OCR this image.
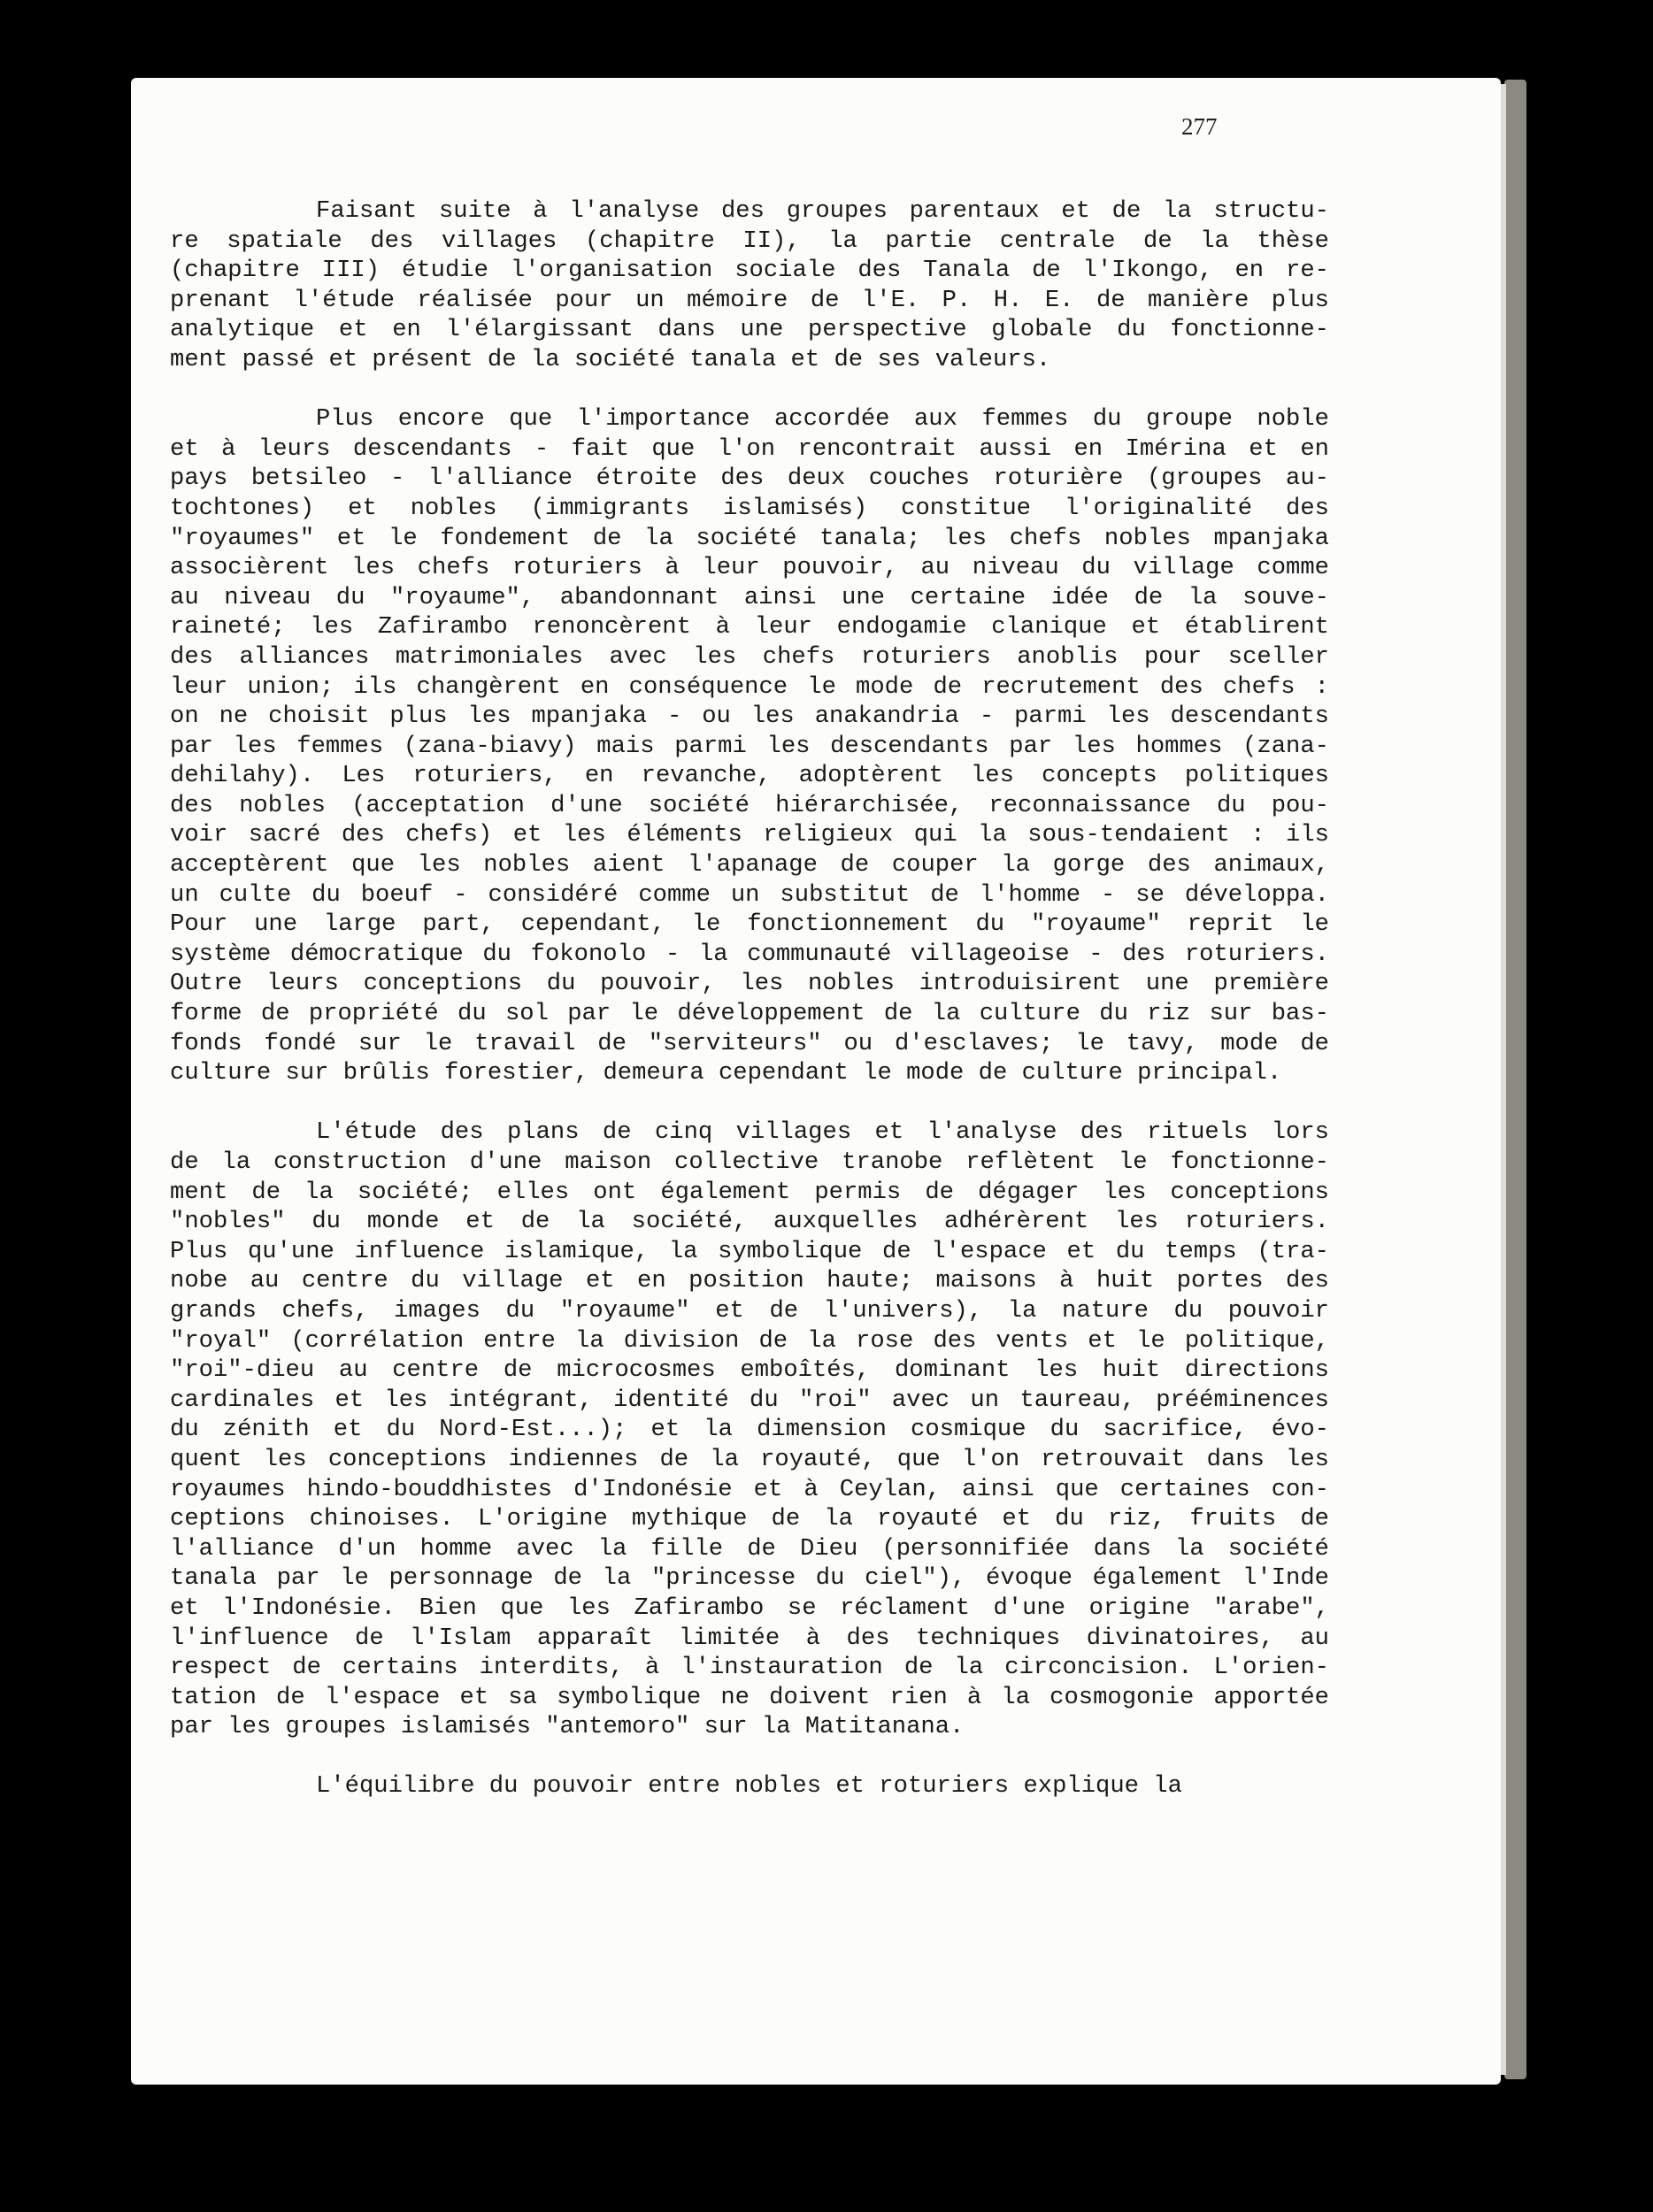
277
Faisant suite à l'analyse des groupes parentaux et de la structu-
re spatiale des villages (chapitre II), la partie centrale de la thèse
(chapitre III) étudie l'organisation sociale des Tanala de l'Ikongo, en re-
prenant l'étude réalisée pour un mémoire de l'E. P. H. E. de manière plus
analytique et en l'élargissant dans une perspective globale du fonctionne-
ment passé et présent de la société tanala et de ses valeurs.
Plus encore que l'importance accordée aux femmes du groupe noble
et à leurs descendants - fait que l'on rencontrait aussi en Imérina et en
pays betsileo - l'alliance étroite des deux couches roturière (groupes au-
tochtones) et nobles (immigrants islamisés) constitue l'originalité des
"royaumes" et le fondement de la société tanala; les chefs nobles mpanjaka
associèrent les chefs roturiers à leur pouvoir, au niveau du village comme
au niveau du "royaume", abandonnant ainsi une certaine idée de la souve-
raineté; les Zafirambo renoncèrent à leur endogamie clanique et établirent
des alliances matrimoniales avec les chefs roturiers anoblis pour sceller
leur union; ils changèrent en conséquence le mode de recrutement des chefs :
on ne choisit plus les mpanjaka - ou les anakandria - parmi les descendants
par les femmes (zana-biavy) mais parmi les descendants par les hommes (zana-
dehilahy). Les roturiers, en revanche, adoptèrent les concepts politiques
des nobles (acceptation d'une société hiérarchisée, reconnaissance du pou-
voir sacré des chefs) et les éléments religieux qui la sous-tendaient : ils
acceptèrent que les nobles aient l'apanage de couper la gorge des animaux,
un culte du boeuf - considéré comme un substitut de l'homme - se développa.
Pour une large part, cependant, le fonctionnement du "royaume" reprit le
système démocratique du fokonolo - la communauté villageoise - des roturiers.
Outre leurs conceptions du pouvoir, les nobles introduisirent une première
forme de propriété du sol par le développement de la culture du riz sur bas-
fonds fondé sur le travail de "serviteurs" ou d'esclaves; le tavy, mode de
culture sur brûlis forestier, demeura cependant le mode de culture principal.
L'étude des plans de cinq villages et l'analyse des rituels lors
de la construction d'une maison collective tranobe reflètent le fonctionne-
ment de la société; elles ont également permis de dégager les conceptions
"nobles" du monde et de la société, auxquelles adhérèrent les roturiers.
Plus qu'une influence islamique, la symbolique de l'espace et du temps (tra-
nobe au centre du village et en position haute; maisons à huit portes des
grands chefs, images du "royaume" et de l'univers), la nature du pouvoir
"royal" (corrélation entre la division de la rose des vents et le politique,
"roi"-dieu au centre de microcosmes emboîtés, dominant les huit directions
cardinales et les intégrant, identité du "roi" avec un taureau, prééminences
du zénith et du Nord-Est...); et la dimension cosmique du sacrifice, évo-
quent les conceptions indiennes de la royauté, que l'on retrouvait dans les
royaumes hindo-bouddhistes d'Indonésie et à Ceylan, ainsi que certaines con-
ceptions chinoises. L'origine mythique de la royauté et du riz, fruits de
l'alliance d'un homme avec la fille de Dieu (personnifiée dans la société
tanala par le personnage de la "princesse du ciel"), évoque également l'Inde
et l'Indonésie. Bien que les Zafirambo se réclament d'une origine "arabe",
l'influence de l'Islam apparaît limitée à des techniques divinatoires, au
respect de certains interdits, à l'instauration de la circoncision. L'orien-
tation de l'espace et sa symbolique ne doivent rien à la cosmogonie apportée
par les groupes islamisés "antemoro" sur la Matitanana.
L'équilibre du pouvoir entre nobles et roturiers explique la
